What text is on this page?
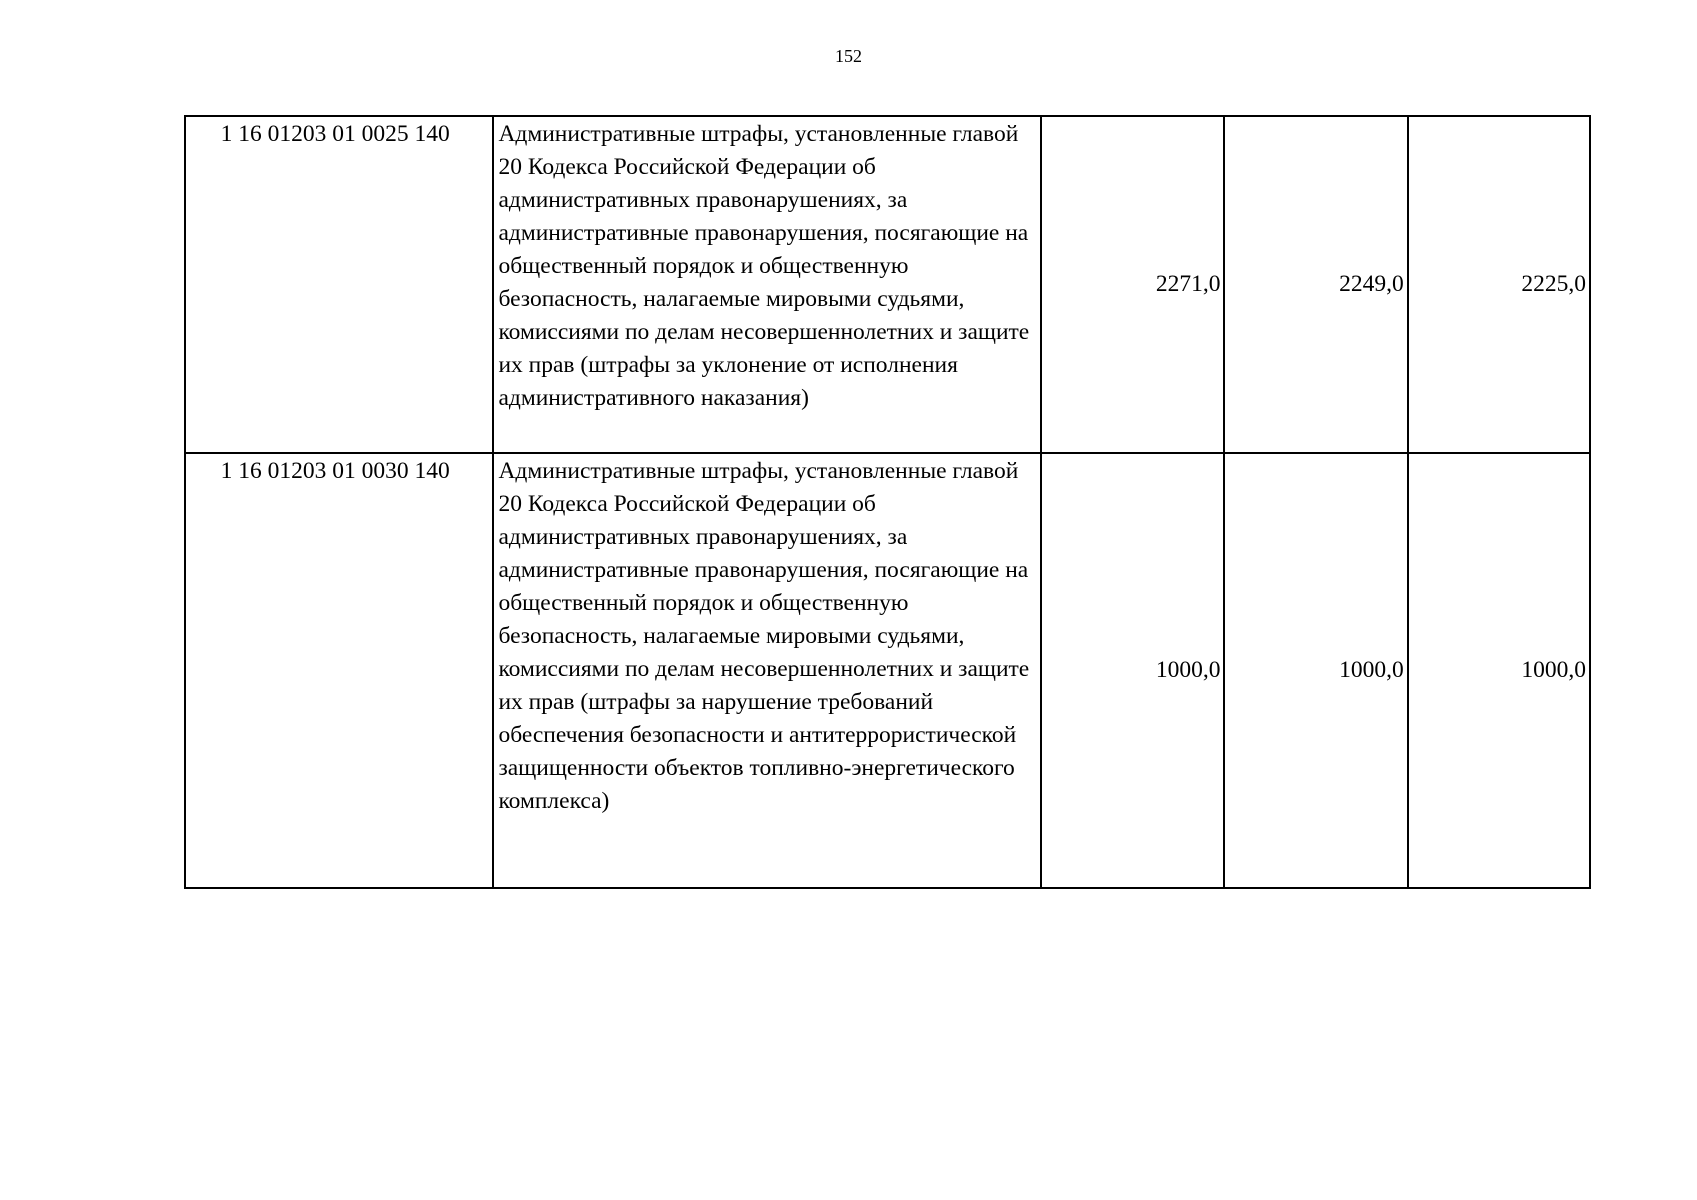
152
1 16 01203 01 0025 140	Административные штрафы, установленные главой 20 Кодекса Российской Федерации об административных правонарушениях, за административные правонарушения, посягающие на общественный порядок и общественную безопасность, налагаемые мировыми судьями, комиссиями по делам несовершеннолетних и защите их прав (штрафы за уклонение от исполнения административного наказания)	2271,0	2249,0	2225,0
1 16 01203 01 0030 140	Административные штрафы, установленные главой 20 Кодекса Российской Федерации об административных правонарушениях, за административные правонарушения, посягающие на общественный порядок и общественную безопасность, налагаемые мировыми судьями, комиссиями по делам несовершеннолетних и защите их прав (штрафы за нарушение требований обеспечения безопасности и антитеррористической защищенности объектов топливно-энергетического комплекса)	1000,0	1000,0	1000,0
